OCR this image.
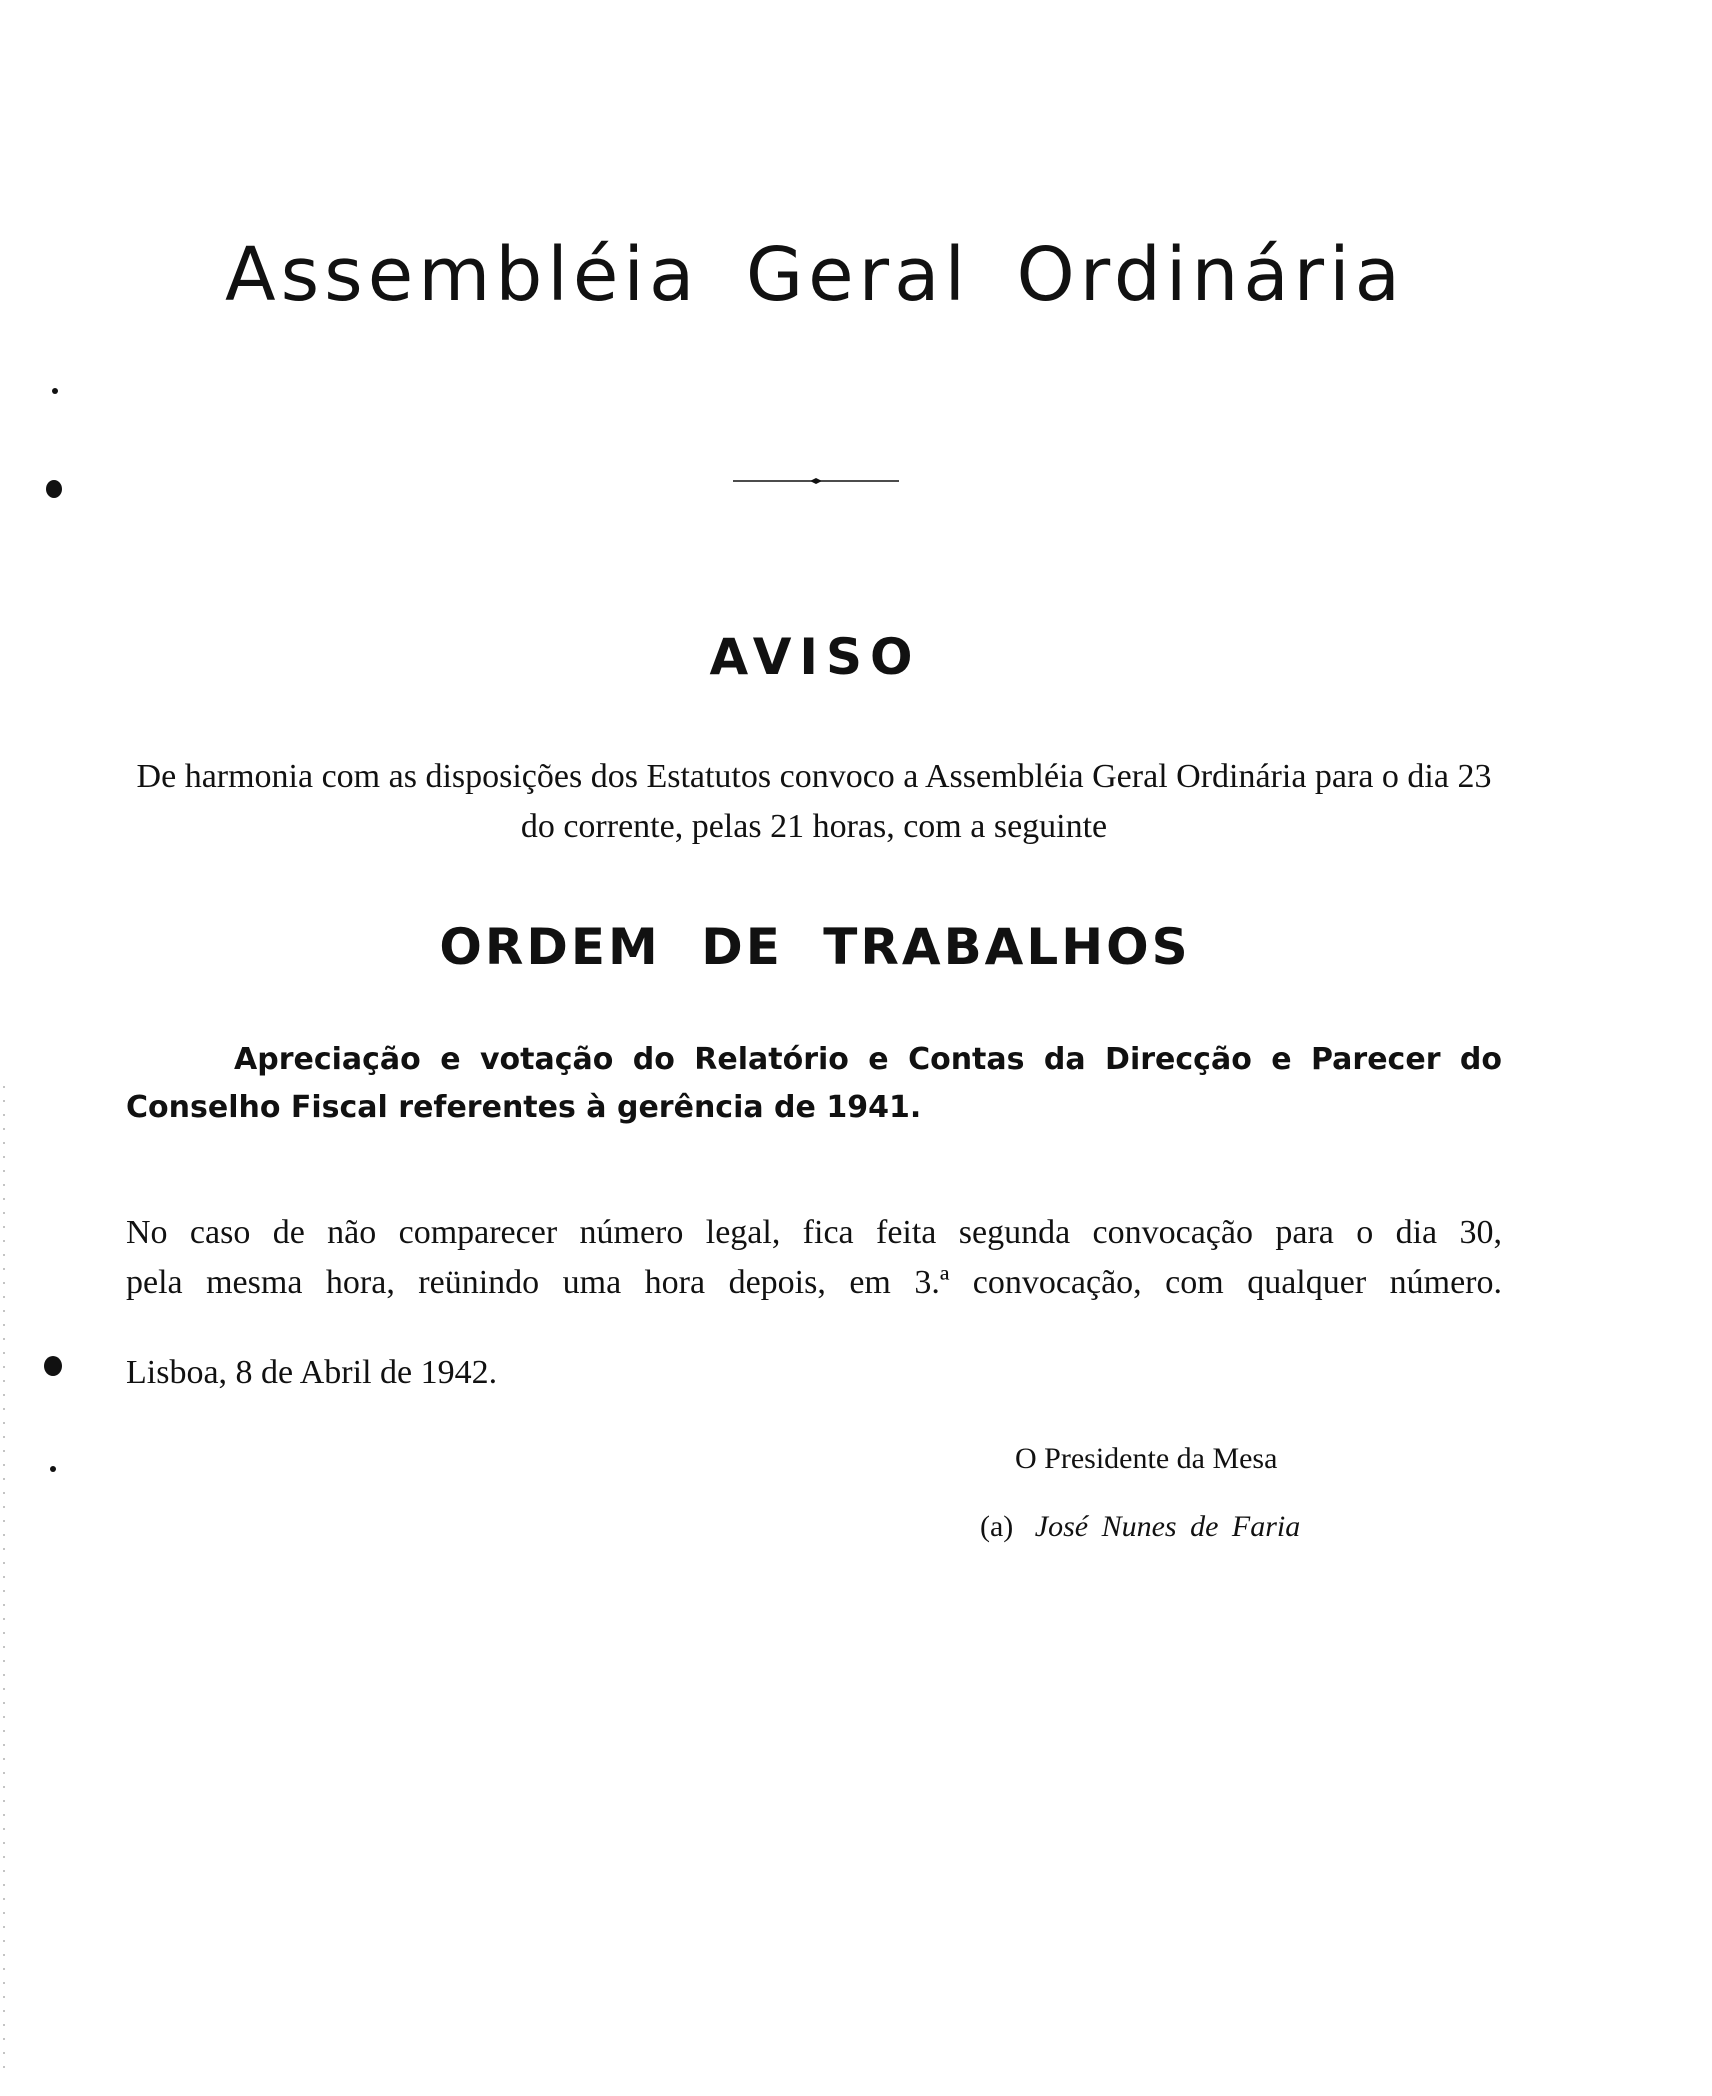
Assembléia Geral Ordinária
AVISO
De harmonia com as disposições dos Estatutos convoco a Assembléia Geral Ordinária para o dia 23 do corrente, pelas 21 horas, com a seguinte
ORDEM DE TRABALHOS
Apreciação e votação do Relatório e Contas da Direcção e Parecer do Conselho Fiscal referentes à gerência de 1941.
No caso de não comparecer número legal, fica feita segunda convocação para o dia 30,
pela mesma hora, reünindo uma hora depois, em 3.ª convocação, com qualquer número.
Lisboa, 8 de Abril de 1942.
O Presidente da Mesa
(a) José Nunes de Faria
